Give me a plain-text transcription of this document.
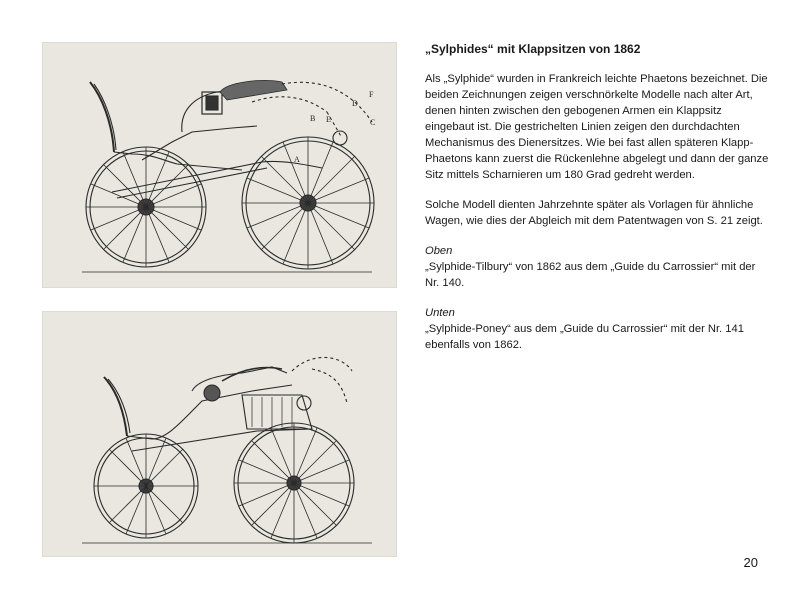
F
D
B E	C
A

„Sylphides“ mit Klappsitzen von 1862

Als „Sylphide“ wurden in Frankreich leichte Phaetons bezeichnet. Die beiden Zeichnungen zeigen verschnörkelte Modelle nach alter Art, denen hinten zwischen den gebogenen Armen ein Klappsitz eingebaut ist. Die gestrichelten Linien zeigen den durchdachten Mechanismus des Dienersitzes. Wie bei fast allen späteren Klapp-Phaetons kann zuerst die Rückenlehne abgelegt und dann der ganze Sitz mittels Scharnieren um 180 Grad gedreht werden.

Solche Modell dienten Jahrzehnte später als Vorlagen für ähnliche Wagen, wie dies der Abgleich mit dem Patentwagen von S. 21 zeigt.

Oben

„Sylphide-Tilbury“ von 1862 aus dem „Guide du Carrossier“ mit der Nr. 140.

Unten

„Sylphide-Poney“ aus dem „Guide du Carrossier“ mit der Nr. 141 ebenfalls von 1862.

20
